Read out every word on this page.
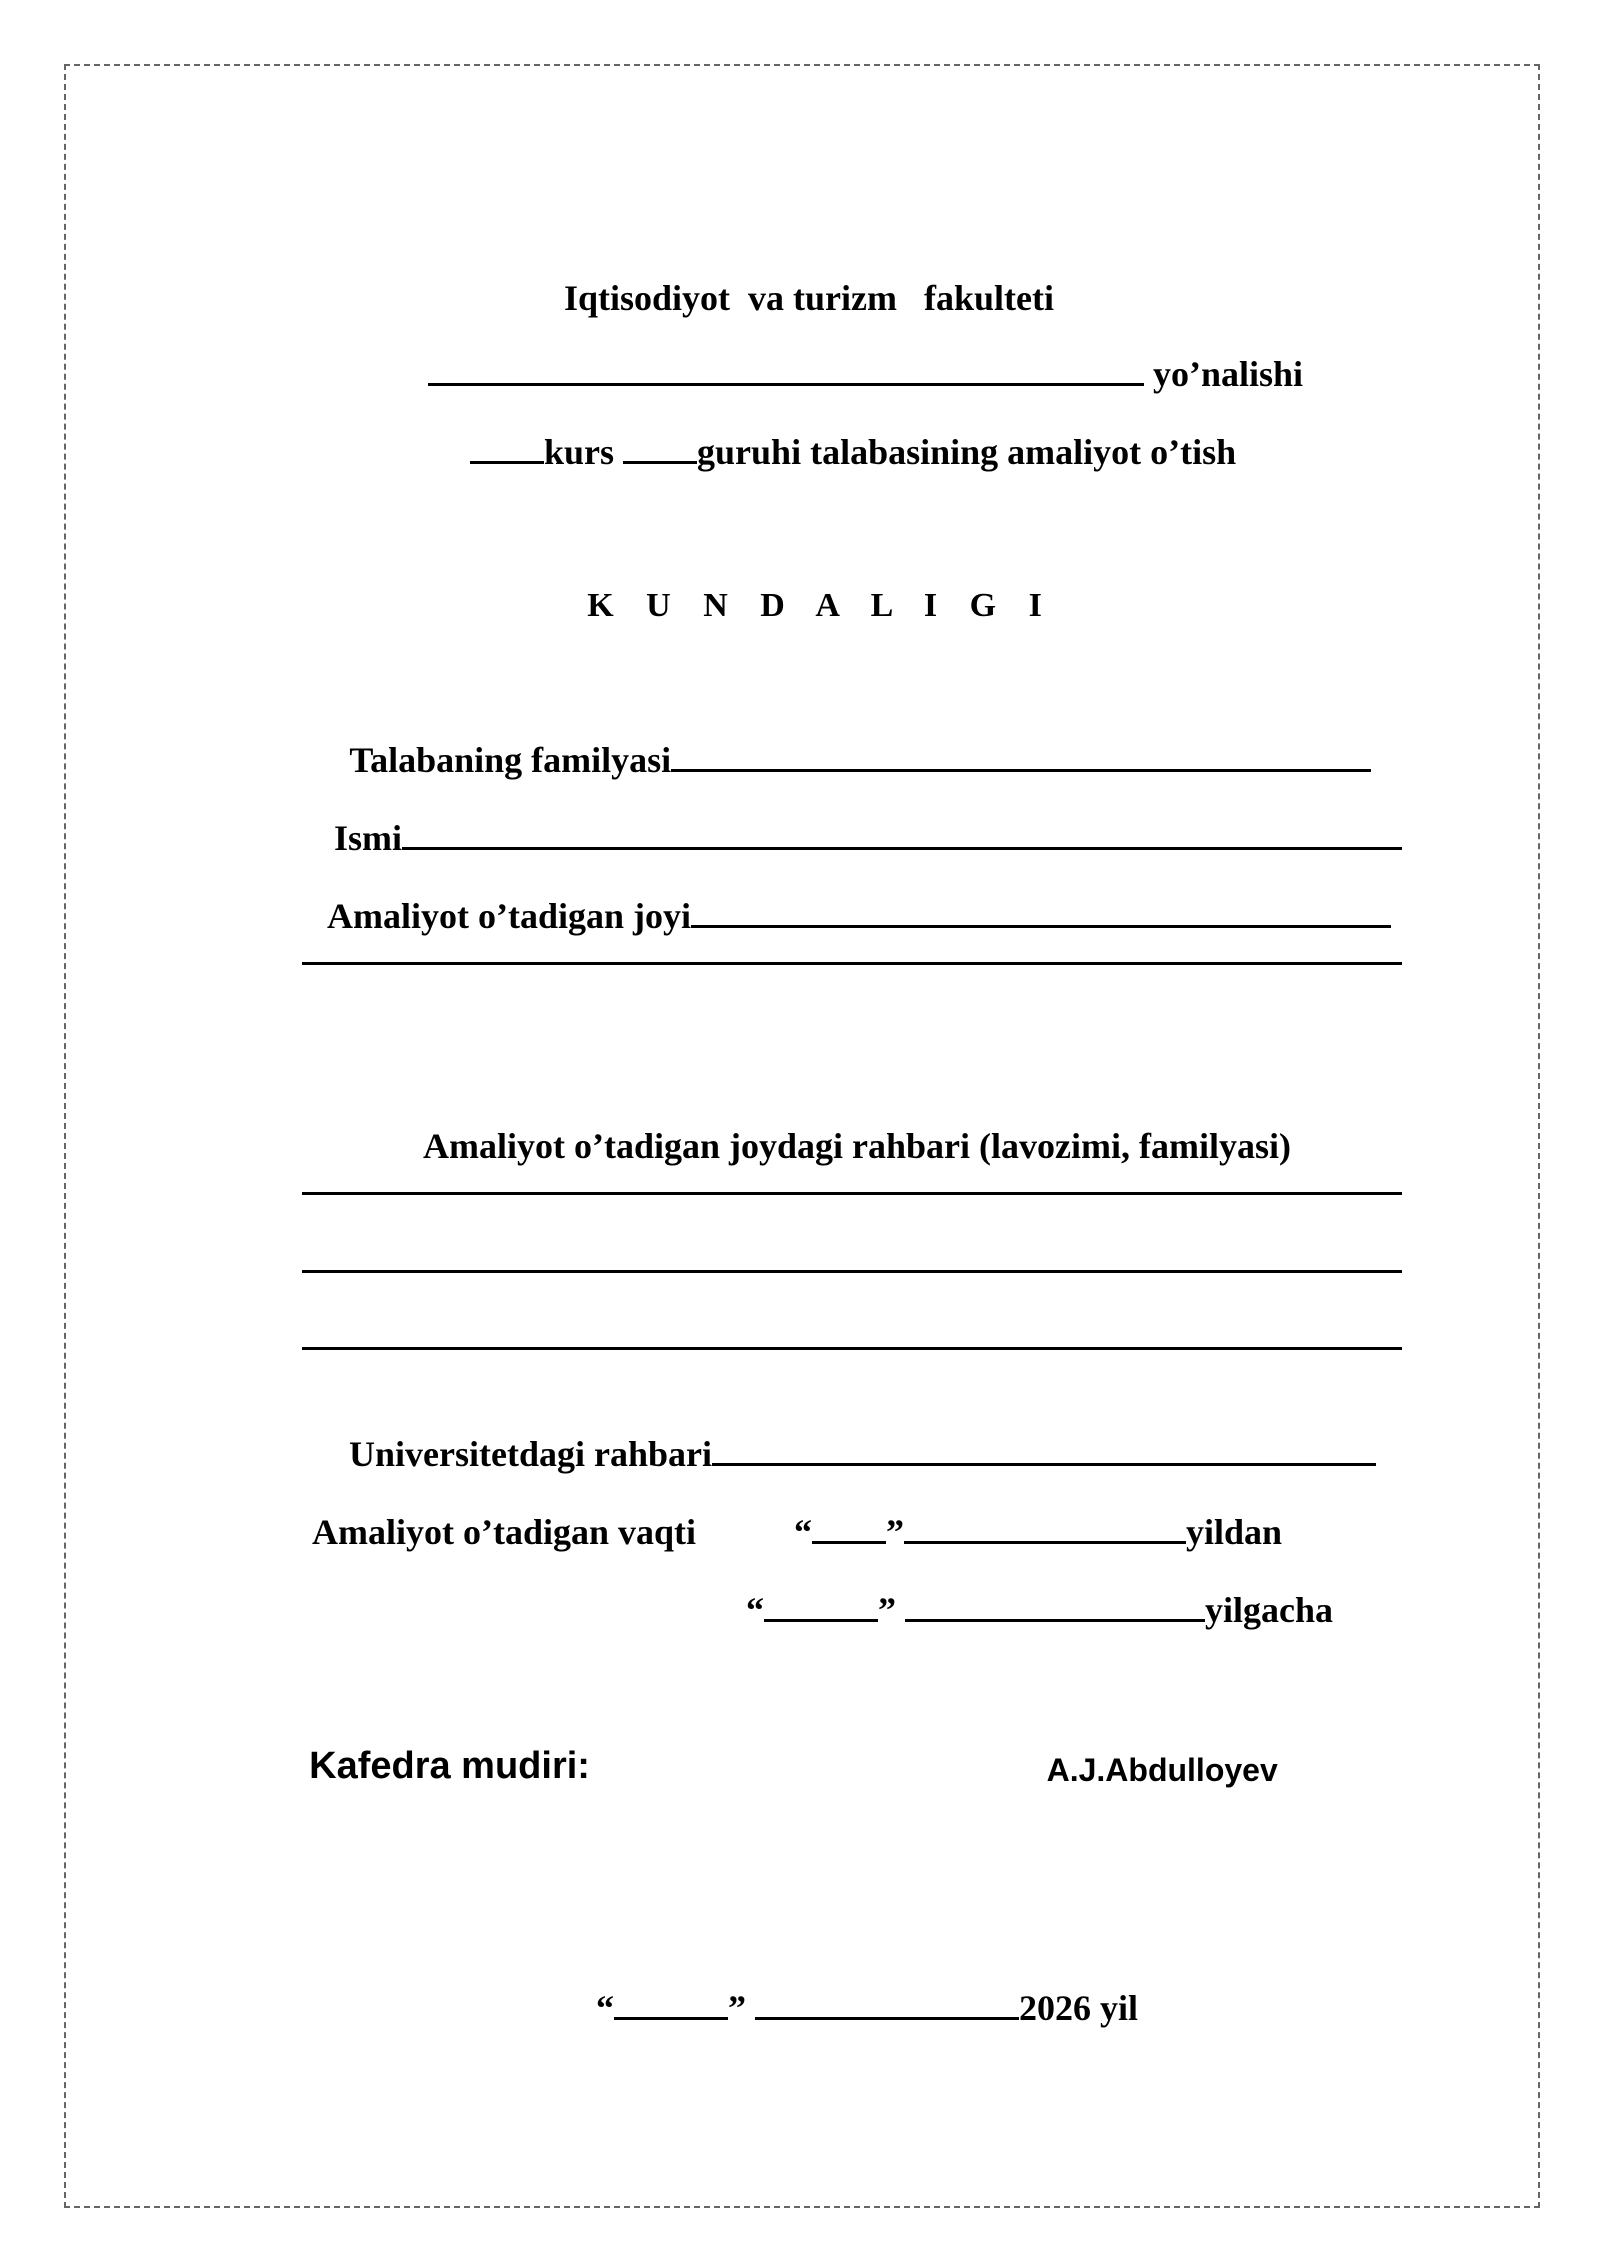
Iqtisodiyot  va turizm   fakulteti

yo’nalishi

kurs guruhi talabasining amaliyot o’tish

K U N D A L I G I

Talabaning familyasi

Ismi

Amaliyot o’tadigan joyi

Amaliyot o’tadigan joydagi rahbari (lavozimi, familyasi)

Universitetdagi rahbari

Amaliyot o’tadigan vaqti	“ ”	yildan

“	”	yilgacha

Kafedra mudiri:	A.J.Abdulloyev

“	”	2026 yil
